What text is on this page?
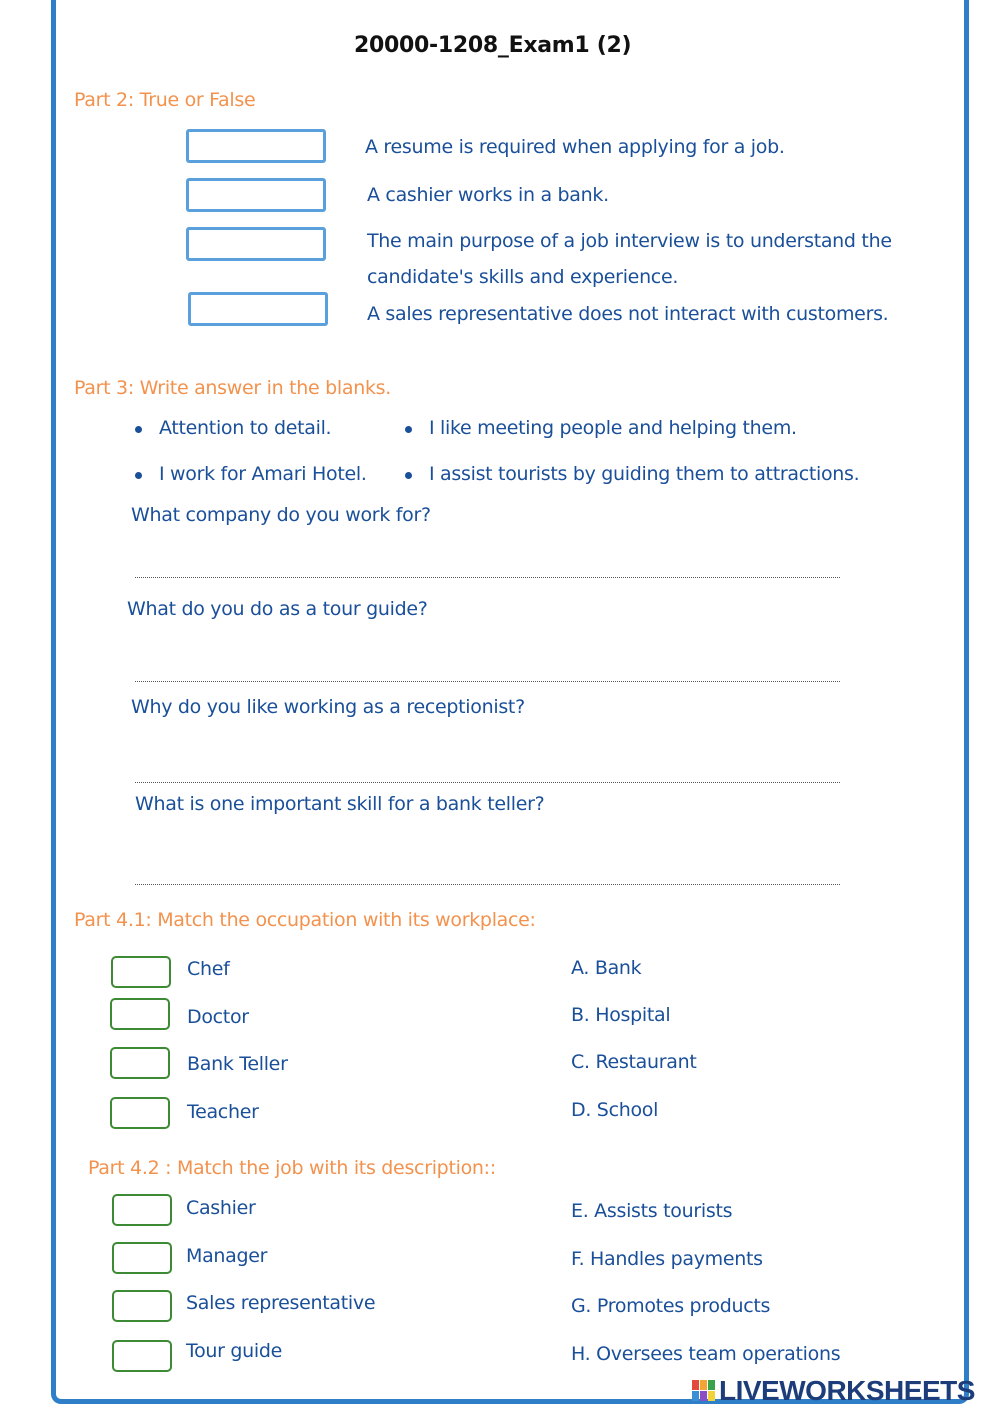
20000-1208_Exam1 (2)
Part 2: True or False
A resume is required when applying for a job.
A cashier works in a bank.
The main purpose of a job interview is to understand the
candidate's skills and experience.
A sales representative does not interact with customers.
Part 3: Write answer in the blanks.
Attention to detail.	I like meeting people and helping them.
I work for Amari Hotel.	I assist tourists by guiding them to attractions.
What company do you work for?
What do you do as a tour guide?
Why do you like working as a receptionist?
What is one important skill for a bank teller?
Part 4.1: Match the occupation with its workplace:
Chef
Doctor
Bank Teller
Teacher
A. Bank
B. Hospital
C. Restaurant
D. School
Part 4.2 : Match the job with its description::
Cashier
Manager
Sales representative
Tour guide
E. Assists tourists
F. Handles payments
G. Promotes products
H. Oversees team operations
LIVEWORKSHEETS
